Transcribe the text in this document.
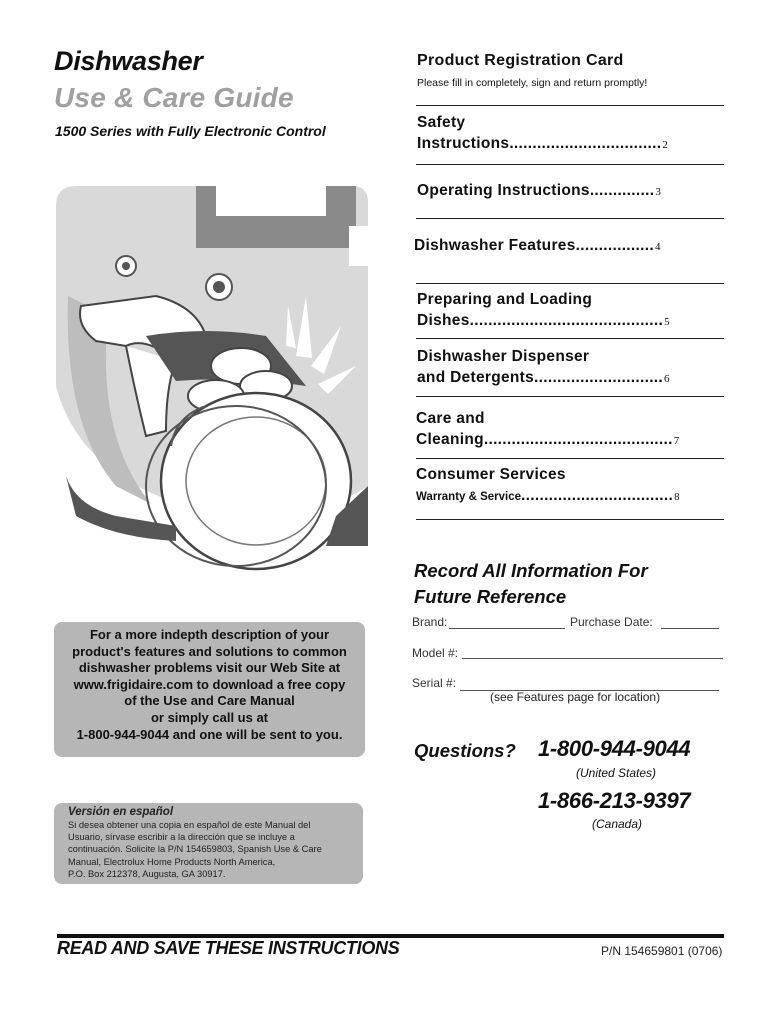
Dishwasher
Use & Care Guide
1500 Series with Fully Electronic Control
For a more indepth description of your
product's features and solutions to common
dishwasher problems visit our Web Site at
www.frigidaire.com to download a free copy
of the Use and Care Manual
or simply call us at
1-800-944-9044 and one will be sent to you.
Versión en español
Si desea obtener una copia en español de este Manual del
Usuario, sírvase escribir a la dirección que se incluye a
continuación. Solicite la P/N 154659803, Spanish Use & Care
Manual, Electrolux Home Products North America,
P.O. Box 212378, Augusta, GA 30917.
Product Registration Card
Please fill in completely, sign and return promptly!
Safety
Instructions.................................2
Operating Instructions..............3
Dishwasher Features.................4
Preparing and Loading
Dishes..........................................5
Dishwasher Dispenser
and Detergents............................6
Care and
Cleaning.........................................7
Consumer Services
Warranty & Service.................................8
Record All Information For
Future Reference
Brand:	Purchase Date:
Model #:
Serial #:
(see Features page for location)
Questions? 1-800-944-9044
(United States)
1-866-213-9397
(Canada)
READ AND SAVE THESE INSTRUCTIONS	P/N 154659801 (0706)
